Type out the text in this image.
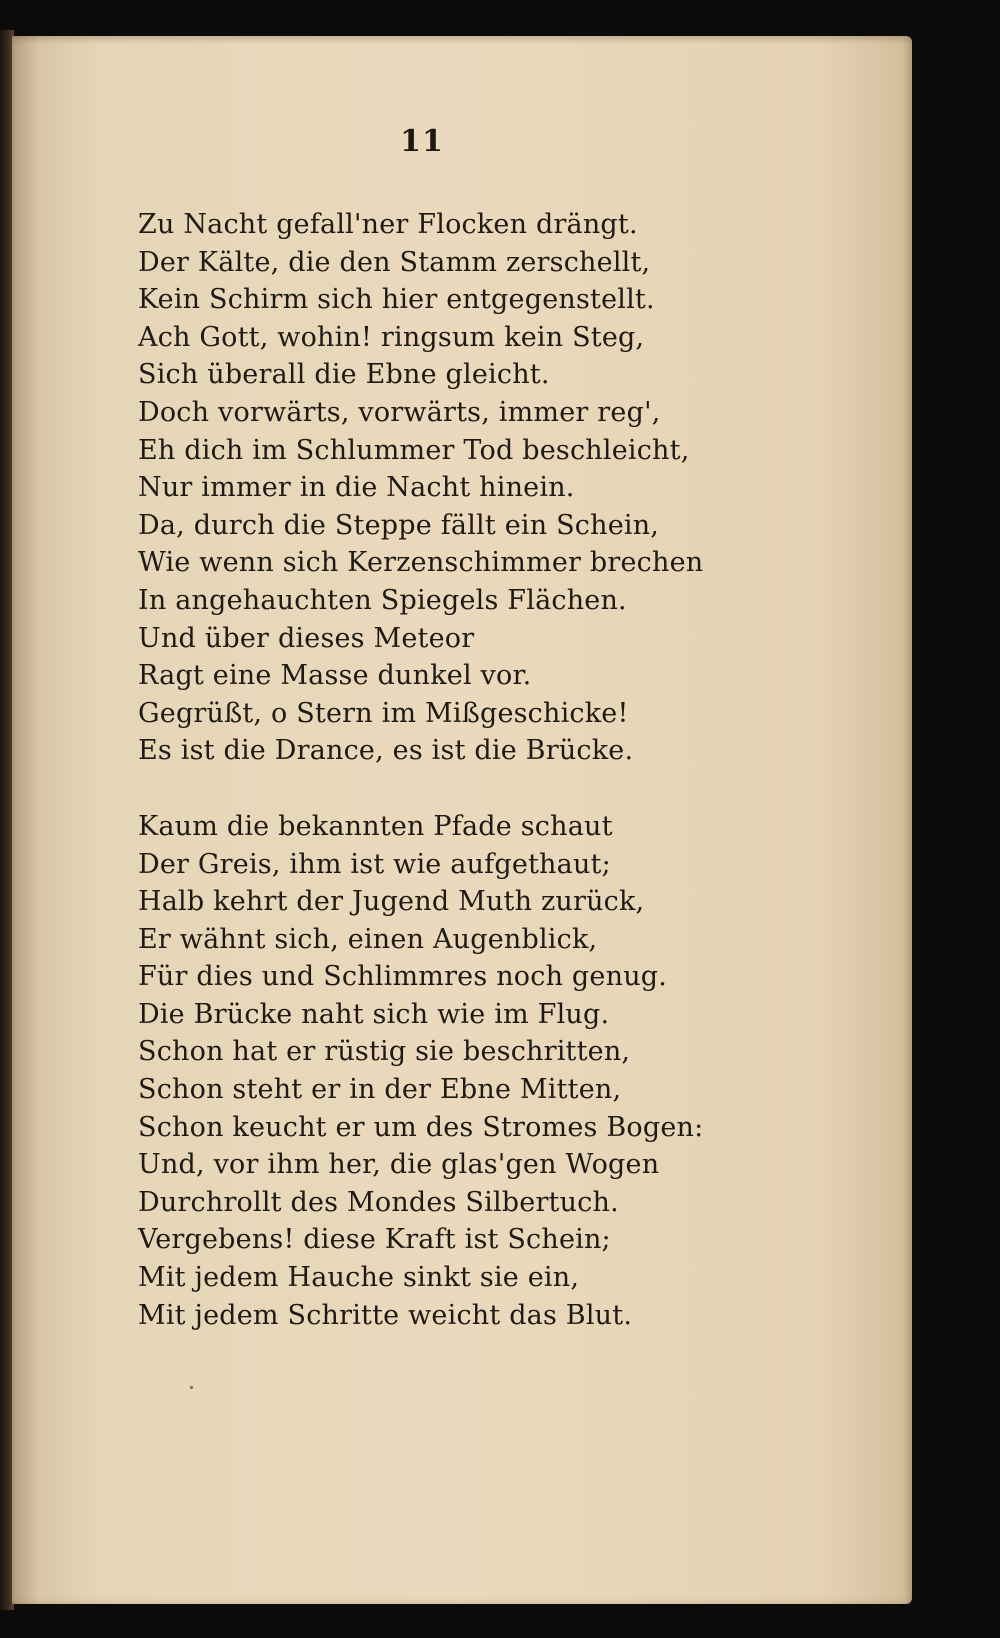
11
Zu Nacht gefall'ner Flocken drängt.
Der Kälte, die den Stamm zerschellt,
Kein Schirm sich hier entgegenstellt.
Ach Gott, wohin! ringsum kein Steg,
Sich überall die Ebne gleicht.
Doch vorwärts, vorwärts, immer reg',
Eh dich im Schlummer Tod beschleicht,
Nur immer in die Nacht hinein.
Da, durch die Steppe fällt ein Schein,
Wie wenn sich Kerzenschimmer brechen
In angehauchten Spiegels Flächen.
Und über dieses Meteor
Ragt eine Masse dunkel vor.
Gegrüßt, o Stern im Mißgeschicke!
Es ist die Drance, es ist die Brücke.
Kaum die bekannten Pfade schaut
Der Greis, ihm ist wie aufgethaut;
Halb kehrt der Jugend Muth zurück,
Er wähnt sich, einen Augenblick,
Für dies und Schlimmres noch genug.
Die Brücke naht sich wie im Flug.
Schon hat er rüstig sie beschritten,
Schon steht er in der Ebne Mitten,
Schon keucht er um des Stromes Bogen:
Und, vor ihm her, die glas'gen Wogen
Durchrollt des Mondes Silbertuch.
Vergebens! diese Kraft ist Schein;
Mit jedem Hauche sinkt sie ein,
Mit jedem Schritte weicht das Blut.
